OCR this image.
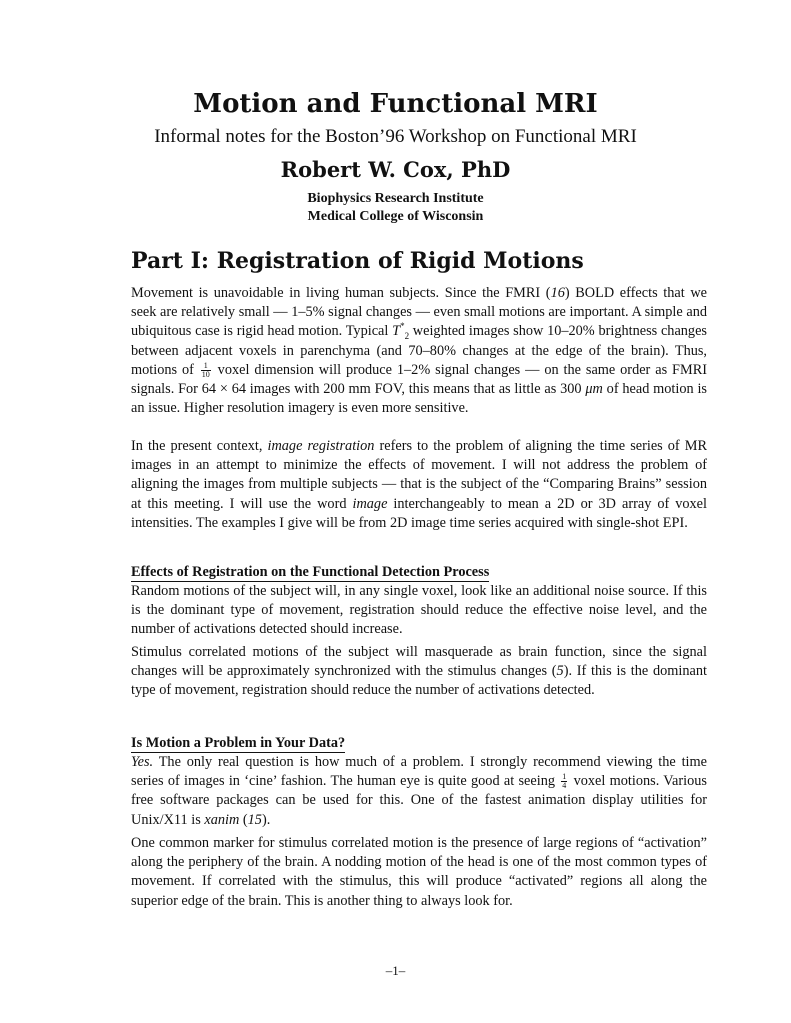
Motion and Functional MRI
Informal notes for the Boston’96 Workshop on Functional MRI
Robert W. Cox, PhD
Biophysics Research Institute
Medical College of Wisconsin
Part I: Registration of Rigid Motions

Movement is unavoidable in living human subjects. Since the FMRI (16) BOLD effects that we seek are relatively small — 1–5% signal changes — even small motions are important. A simple and ubiquitous case is rigid head motion. Typical $T^*_2$ weighted images show 10–20% brightness changes between adjacent voxels in parenchyma (and 70–80% changes at the edge of the brain). Thus, motions of $\frac{1}{10}$ voxel dimension will produce 1–2% signal changes — on the same order as FMRI signals. For 64 × 64 images with 200 mm FOV, this means that as little as 300 μm of head motion is an issue. Higher resolution imagery is even more sensitive.

In the present context, image registration refers to the problem of aligning the time series of MR images in an attempt to minimize the effects of movement. I will not address the problem of aligning the images from multiple subjects — that is the subject of the “Comparing Brains” session at this meeting. I will use the word image interchangeably to mean a 2D or 3D array of voxel intensities. The examples I give will be from 2D image time series acquired with single-shot EPI.

Effects of Registration on the Functional Detection Process

Random motions of the subject will, in any single voxel, look like an additional noise source. If this is the dominant type of movement, registration should reduce the effective noise level, and the number of activations detected should increase.

Stimulus correlated motions of the subject will masquerade as brain function, since the signal changes will be approximately synchronized with the stimulus changes (5). If this is the dominant type of movement, registration should reduce the number of activations detected.

Is Motion a Problem in Your Data?

Yes. The only real question is how much of a problem. I strongly recommend viewing the time series of images in ‘cine’ fashion. The human eye is quite good at seeing $\frac{1}{4}$ voxel motions. Various free software packages can be used for this. One of the fastest animation display utilities for Unix/X11 is xanim (15).

One common marker for stimulus correlated motion is the presence of large regions of “activation” along the periphery of the brain. A nodding motion of the head is one of the most common types of movement. If correlated with the stimulus, this will produce “activated” regions all along the superior edge of the brain. This is another thing to always look for.

–1–
